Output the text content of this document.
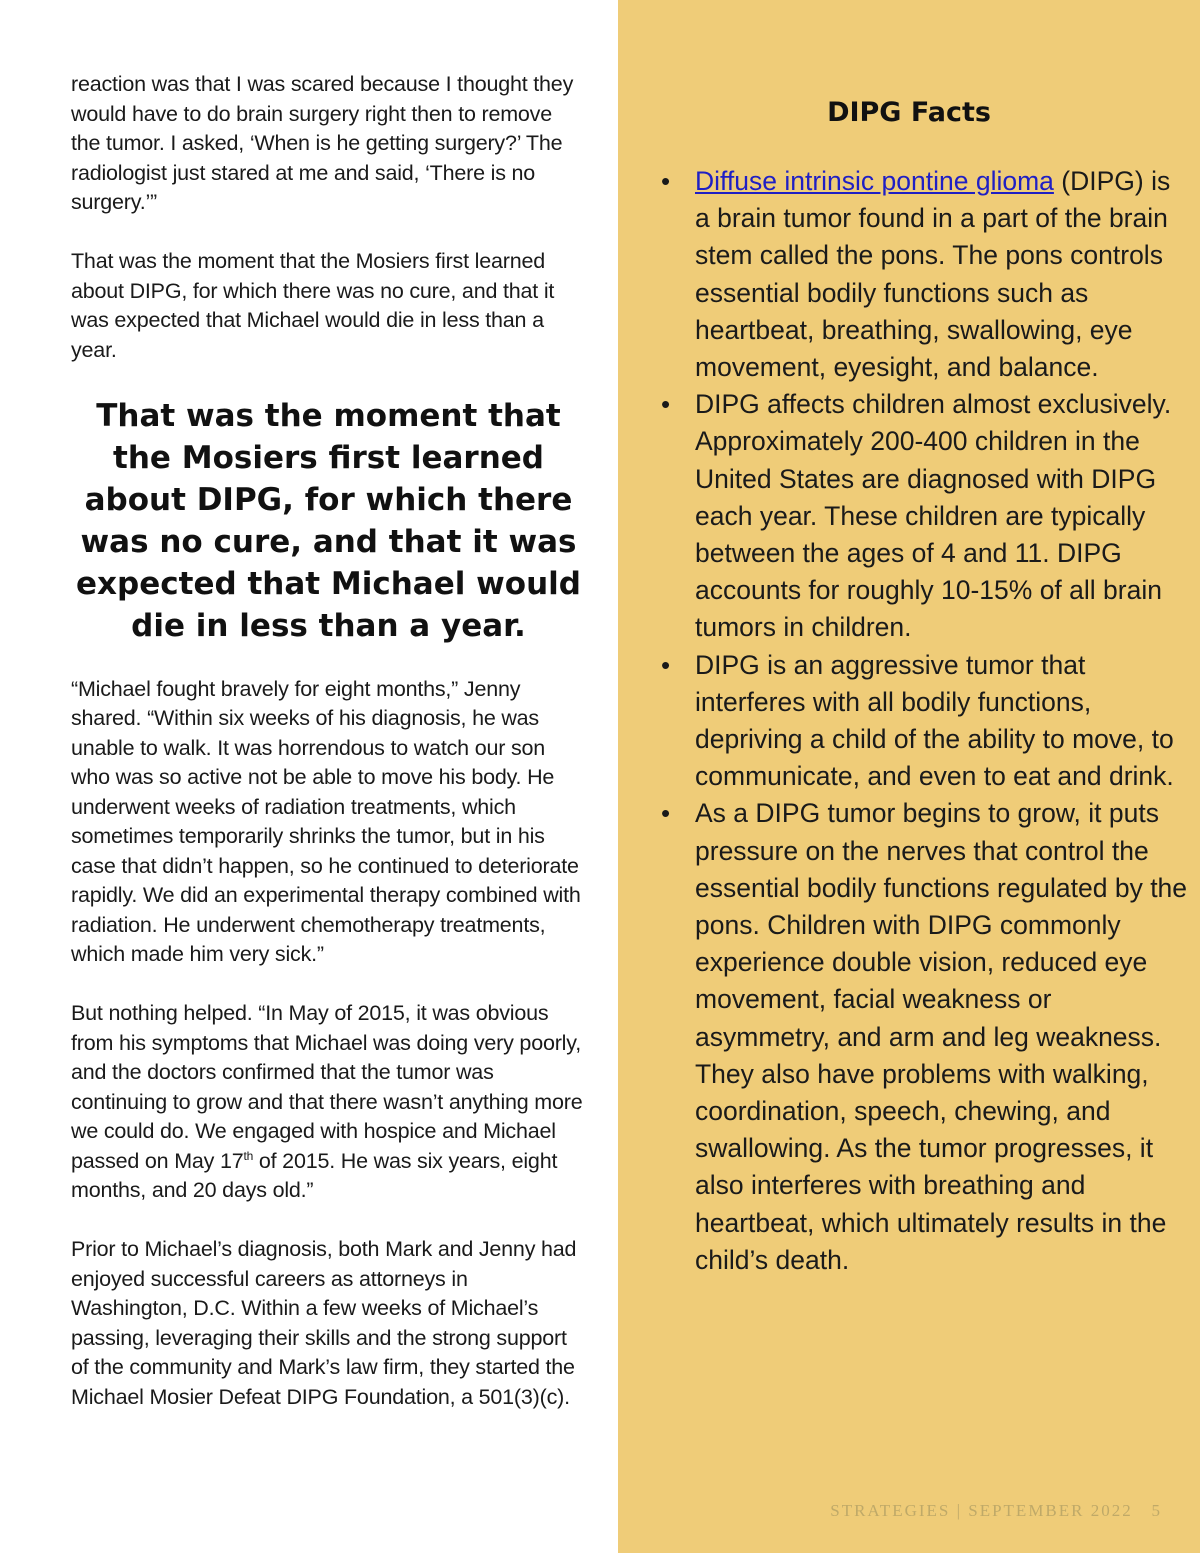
reaction was that I was scared because I thought they would have to do brain surgery right then to remove the tumor. I asked, ‘When is he getting surgery?’ The radiologist just stared at me and said, ‘There is no surgery.’”

That was the moment that the Mosiers first learned about DIPG, for which there was no cure, and that it was expected that Michael would die in less than a year.

That was the moment that the Mosiers first learned about DIPG, for which there was no cure, and that it was expected that Michael would die in less than a year.

“Michael fought bravely for eight months,” Jenny shared. “Within six weeks of his diagnosis, he was unable to walk. It was horrendous to watch our son who was so active not be able to move his body. He underwent weeks of radiation treatments, which sometimes temporarily shrinks the tumor, but in his case that didn’t happen, so he continued to deteriorate rapidly. We did an experimental therapy combined with radiation. He underwent chemotherapy treatments, which made him very sick.”

But nothing helped. “In May of 2015, it was obvious from his symptoms that Michael was doing very poorly, and the doctors confirmed that the tumor was continuing to grow and that there wasn’t anything more we could do. We engaged with hospice and Michael passed on May 17th of 2015. He was six years, eight months, and 20 days old.”

Prior to Michael’s diagnosis, both Mark and Jenny had enjoyed successful careers as attorneys in Washington, D.C. Within a few weeks of Michael’s passing, leveraging their skills and the strong support of the community and Mark’s law firm, they started the Michael Mosier Defeat DIPG Foundation, a 501(3)(c).

DIPG Facts
• Diffuse intrinsic pontine glioma (DIPG) is a brain tumor found in a part of the brain stem called the pons. The pons controls essential bodily functions such as heartbeat, breathing, swallowing, eye movement, eyesight, and balance.
• DIPG affects children almost exclusively. Approximately 200-400 children in the United States are diagnosed with DIPG each year. These children are typically between the ages of 4 and 11. DIPG accounts for roughly 10-15% of all brain tumors in children.
• DIPG is an aggressive tumor that interferes with all bodily functions, depriving a child of the ability to move, to communicate, and even to eat and drink.
• As a DIPG tumor begins to grow, it puts pressure on the nerves that control the essential bodily functions regulated by the pons. Children with DIPG commonly experience double vision, reduced eye movement, facial weakness or asymmetry, and arm and leg weakness. They also have problems with walking, coordination, speech, chewing, and swallowing. As the tumor progresses, it also interferes with breathing and heartbeat, which ultimately results in the child’s death.
STRATEGIES | SEPTEMBER 2022   5
